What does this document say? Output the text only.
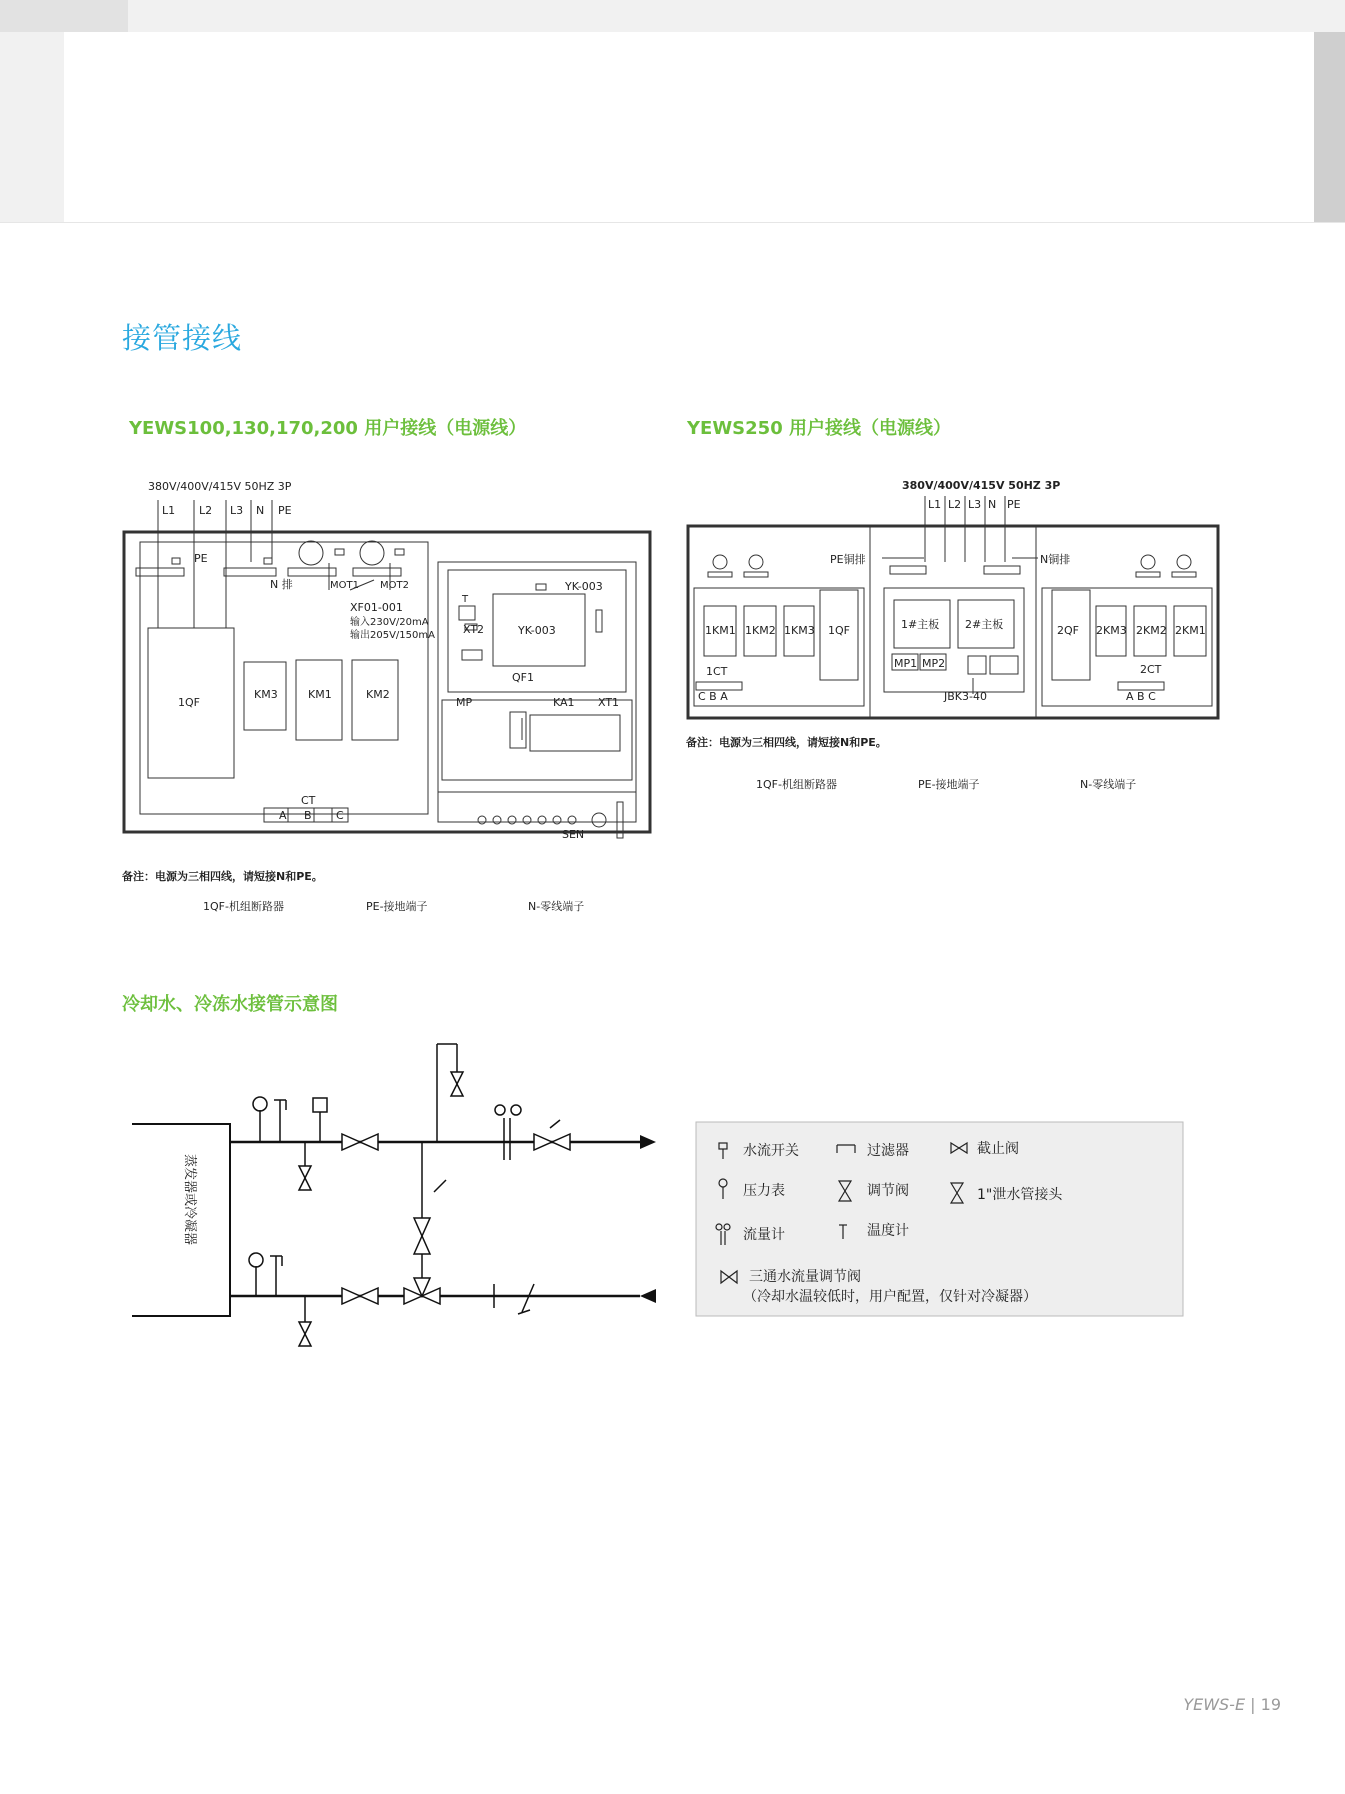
接管接线
YEWS100,130,170,200 用户接线（电源线）	YEWS250 用户接线（电源线）
冷却水、冷冻水接管示意图
380V/400V/415V 50HZ 3P
L1 L2 L3 N PE
PE
N 排	MOT1 MOT2
XF01-001
输入230V/20mA
输出205V/150mA
T
XT2	YK-003
YK-003
QF1
MP	KA1 XT1
1QF
KM3	KM1	KM2
CT
A B C
SEN
备注：电源为三相四线，请短接N和PE。
1QF-机组断路器	PE-接地端子	N-零线端子
380V/400V/415V 50HZ 3P
L1 L2 L3 N PE
PE铜排	N铜排
1KM1 1KM2 1KM3 1QF	2QF 2KM3 2KM2 2KM1
1#主板 2#主板
MP1 MP2
1CT
C B A
2CT
A B C
JBK3-40
备注：电源为三相四线，请短接N和PE。
1QF-机组断路器	PE-接地端子	N-零线端子
蒸发器或冷凝器
水流开关	过滤器	截止阀
压力表	调节阀	1"泄水管接头
流量计	温度计
三通水流量调节阀
（冷却水温较低时，用户配置，仅针对冷凝器）
YEWS-E | 19
